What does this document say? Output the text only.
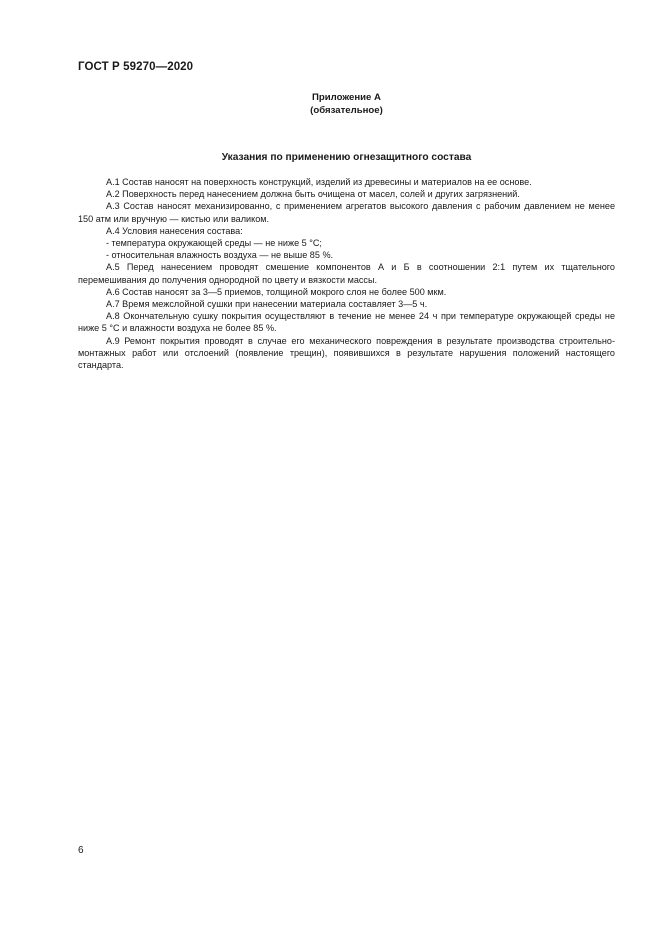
ГОСТ Р 59270—2020
Приложение А
(обязательное)
Указания по применению огнезащитного состава

А.1 Состав наносят на поверхность конструкций, изделий из древесины и материалов на ее основе.

А.2 Поверхность перед нанесением должна быть очищена от масел, солей и других загрязнений.

А.3 Состав наносят механизированно, с применением агрегатов высокого давления с рабочим давлением не менее 150 атм или вручную — кистью или валиком.

А.4 Условия нанесения состава:

- температура окружающей среды — не ниже 5 °С;

- относительная влажность воздуха — не выше 85 %.

А.5 Перед нанесением проводят смешение компонентов А и Б в соотношении 2:1 путем их тщательного перемешивания до получения однородной по цвету и вязкости массы.

А.6 Состав наносят за 3—5 приемов, толщиной мокрого слоя не более 500 мкм.

А.7 Время межслойной сушки при нанесении материала составляет 3—5 ч.

А.8 Окончательную сушку покрытия осуществляют в течение не менее 24 ч при температуре окружающей среды не ниже 5 °С и влажности воздуха не более 85 %.

А.9 Ремонт покрытия проводят в случае его механического повреждения в результате производства строительно-монтажных работ или отслоений (появление трещин), появившихся в результате нарушения положений настоящего стандарта.

6
